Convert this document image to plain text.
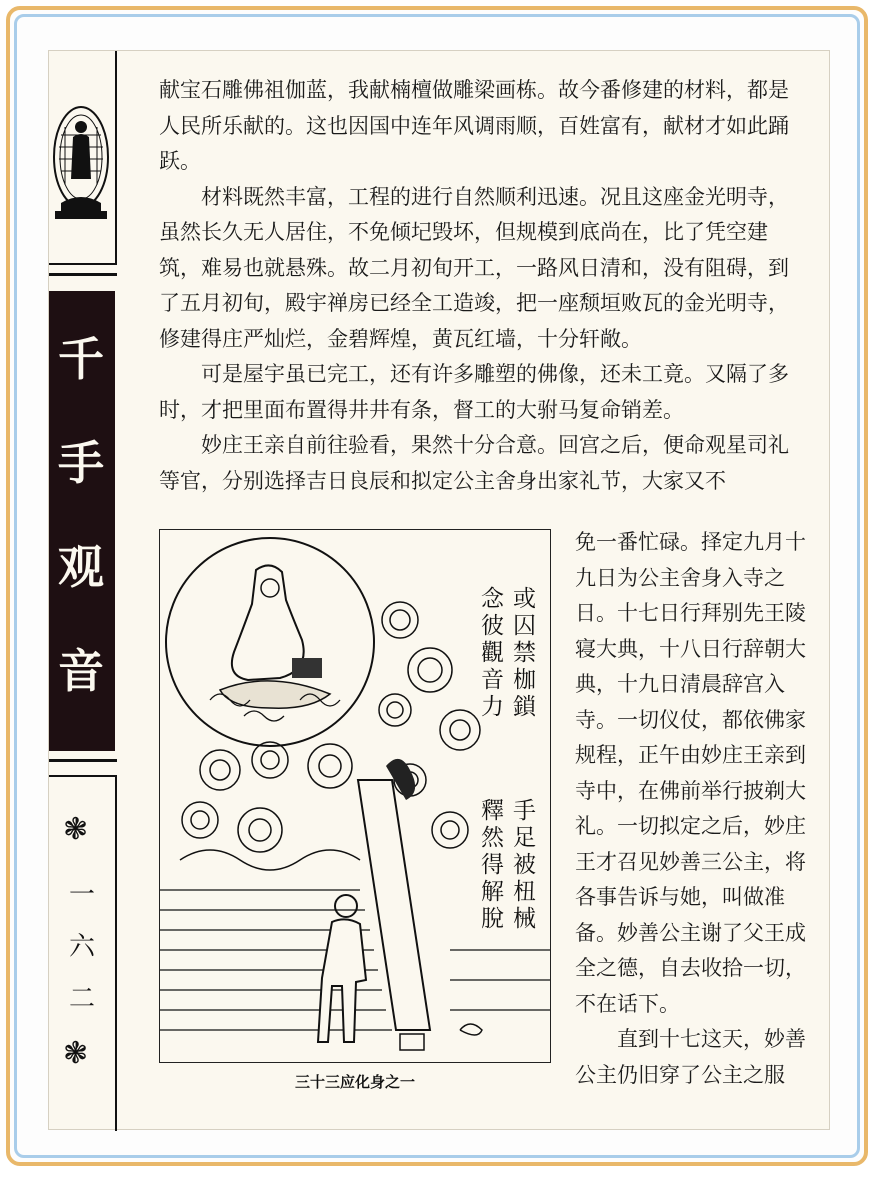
千
手
观
音
❃
一
六
二
❃

献宝石雕佛祖伽蓝，我献楠檀做雕梁画栋。故今番修建的材料，都是人民所乐献的。这也因国中连年风调雨顺，百姓富有，献材才如此踊跃。

材料既然丰富，工程的进行自然顺利迅速。况且这座金光明寺，虽然长久无人居住，不免倾圮毁坏，但规模到底尚在，比了凭空建筑，难易也就悬殊。故二月初旬开工，一路风日清和，没有阻碍，到了五月初旬，殿宇禅房已经全工造竣，把一座颓垣败瓦的金光明寺，修建得庄严灿烂，金碧辉煌，黄瓦红墙，十分轩敞。

可是屋宇虽已完工，还有许多雕塑的佛像，还未工竟。又隔了多时，才把里面布置得井井有条，督工的大驸马复命销差。

妙庄王亲自前往验看，果然十分合意。回宫之后，便命观星司礼等官，分别选择吉日良辰和拟定公主舍身出家礼节，大家又不

免一番忙碌。择定九月十九日为公主舍身入寺之日。十七日行拜别先王陵寝大典，十八日行辞朝大典，十九日清晨辞宫入寺。一切仪仗，都依佛家规程，正午由妙庄王亲到寺中，在佛前举行披剃大礼。一切拟定之后，妙庄王才召见妙善三公主，将各事告诉与她，叫做准备。妙善公主谢了父王成全之德，自去收拾一切，不在话下。

直到十七这天，妙善公主仍旧穿了公主之服

或囚禁枷鎖
念彼觀音力
手足被杻械
釋然得解脫
三十三应化身之一
